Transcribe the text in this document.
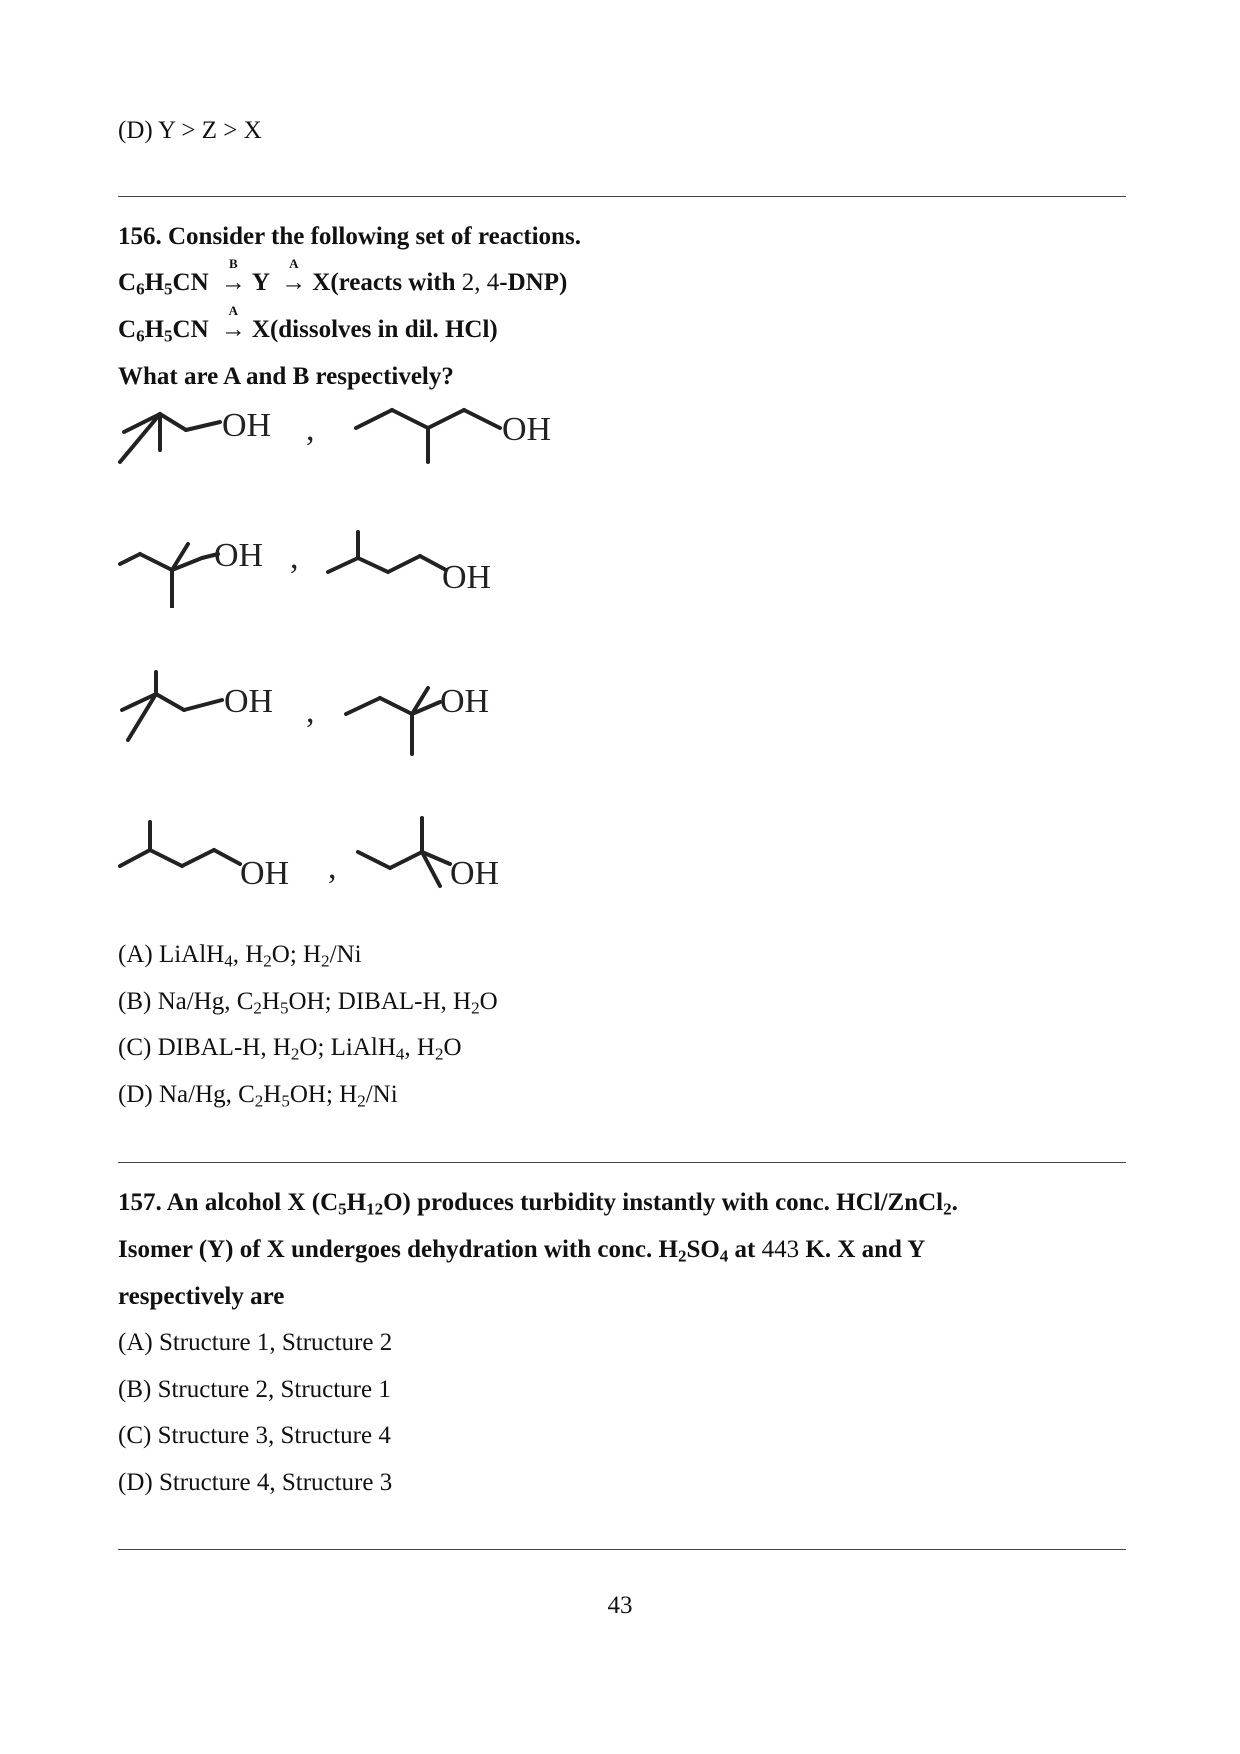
(D) Y > Z > X
156. Consider the following set of reactions.
$C_6H_5CN$
B
→ Y
A
→ X(reacts with 2, 4-DNP)
$C_6H_5CN$
A
→ X(dissolves in dil. HCl)
What are A and B respectively?
OH ,	OH
OH ,
OH
OH ,	OH
OH ,	OH
(A) LiAlH$_4$, $H_2O$; $H_2/Ni$
(B) Na/Hg, $C_2H_5OH$; DIBAL-H, $H_2O$
(C) DIBAL-H, $H_2O$; LiAlH$_4$, $H_2O$
(D) Na/Hg, $C_2H_5OH$; $H_2/Ni$
157. An alcohol X $(C_5H_{12}O)$ produces turbidity instantly with conc. HCl/ZnCl$_2$.
Isomer (Y) of X undergoes dehydration with conc. $H_2SO_4$ at 443 K. X and Y
respectively are
(A) Structure 1, Structure 2
(B) Structure 2, Structure 1
(C) Structure 3, Structure 4
(D) Structure 4, Structure 3
43
